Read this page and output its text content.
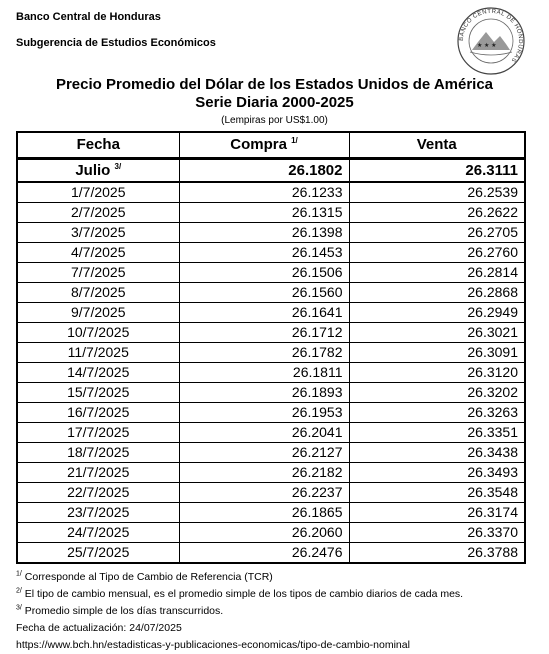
Banco Central de Honduras
Subgerencia de Estudios Económicos	BANCO CENTRAL DE HONDURAS
★ ★ ★
Precio Promedio del Dólar de los Estados Unidos de América
Serie Diaria 2000-2025
(Lempiras por US$1.00)
Fecha	Compra $^{1/}$	Venta
Julio $^{3/}$	26.1802	26.3111
1/7/2025	26.1233	26.2539
2/7/2025	26.1315	26.2622
3/7/2025	26.1398	26.2705
4/7/2025	26.1453	26.2760
7/7/2025	26.1506	26.2814
8/7/2025	26.1560	26.2868
9/7/2025	26.1641	26.2949
10/7/2025	26.1712	26.3021
11/7/2025	26.1782	26.3091
14/7/2025	26.1811	26.3120
15/7/2025	26.1893	26.3202
16/7/2025	26.1953	26.3263
17/7/2025	26.2041	26.3351
18/7/2025	26.2127	26.3438
21/7/2025	26.2182	26.3493
22/7/2025	26.2237	26.3548
23/7/2025	26.1865	26.3174
24/7/2025	26.2060	26.3370
25/7/2025	26.2476	26.3788
$^{1/}$ Corresponde al Tipo de Cambio de Referencia (TCR)
$^{2/}$ El tipo de cambio mensual, es el promedio simple de los tipos de cambio diarios de cada mes.
$^{3/}$ Promedio simple de los días transcurridos.
Fecha de actualización: 24/07/2025
https://www.bch.hn/estadisticas-y-publicaciones-economicas/tipo-de-cambio-nominal
